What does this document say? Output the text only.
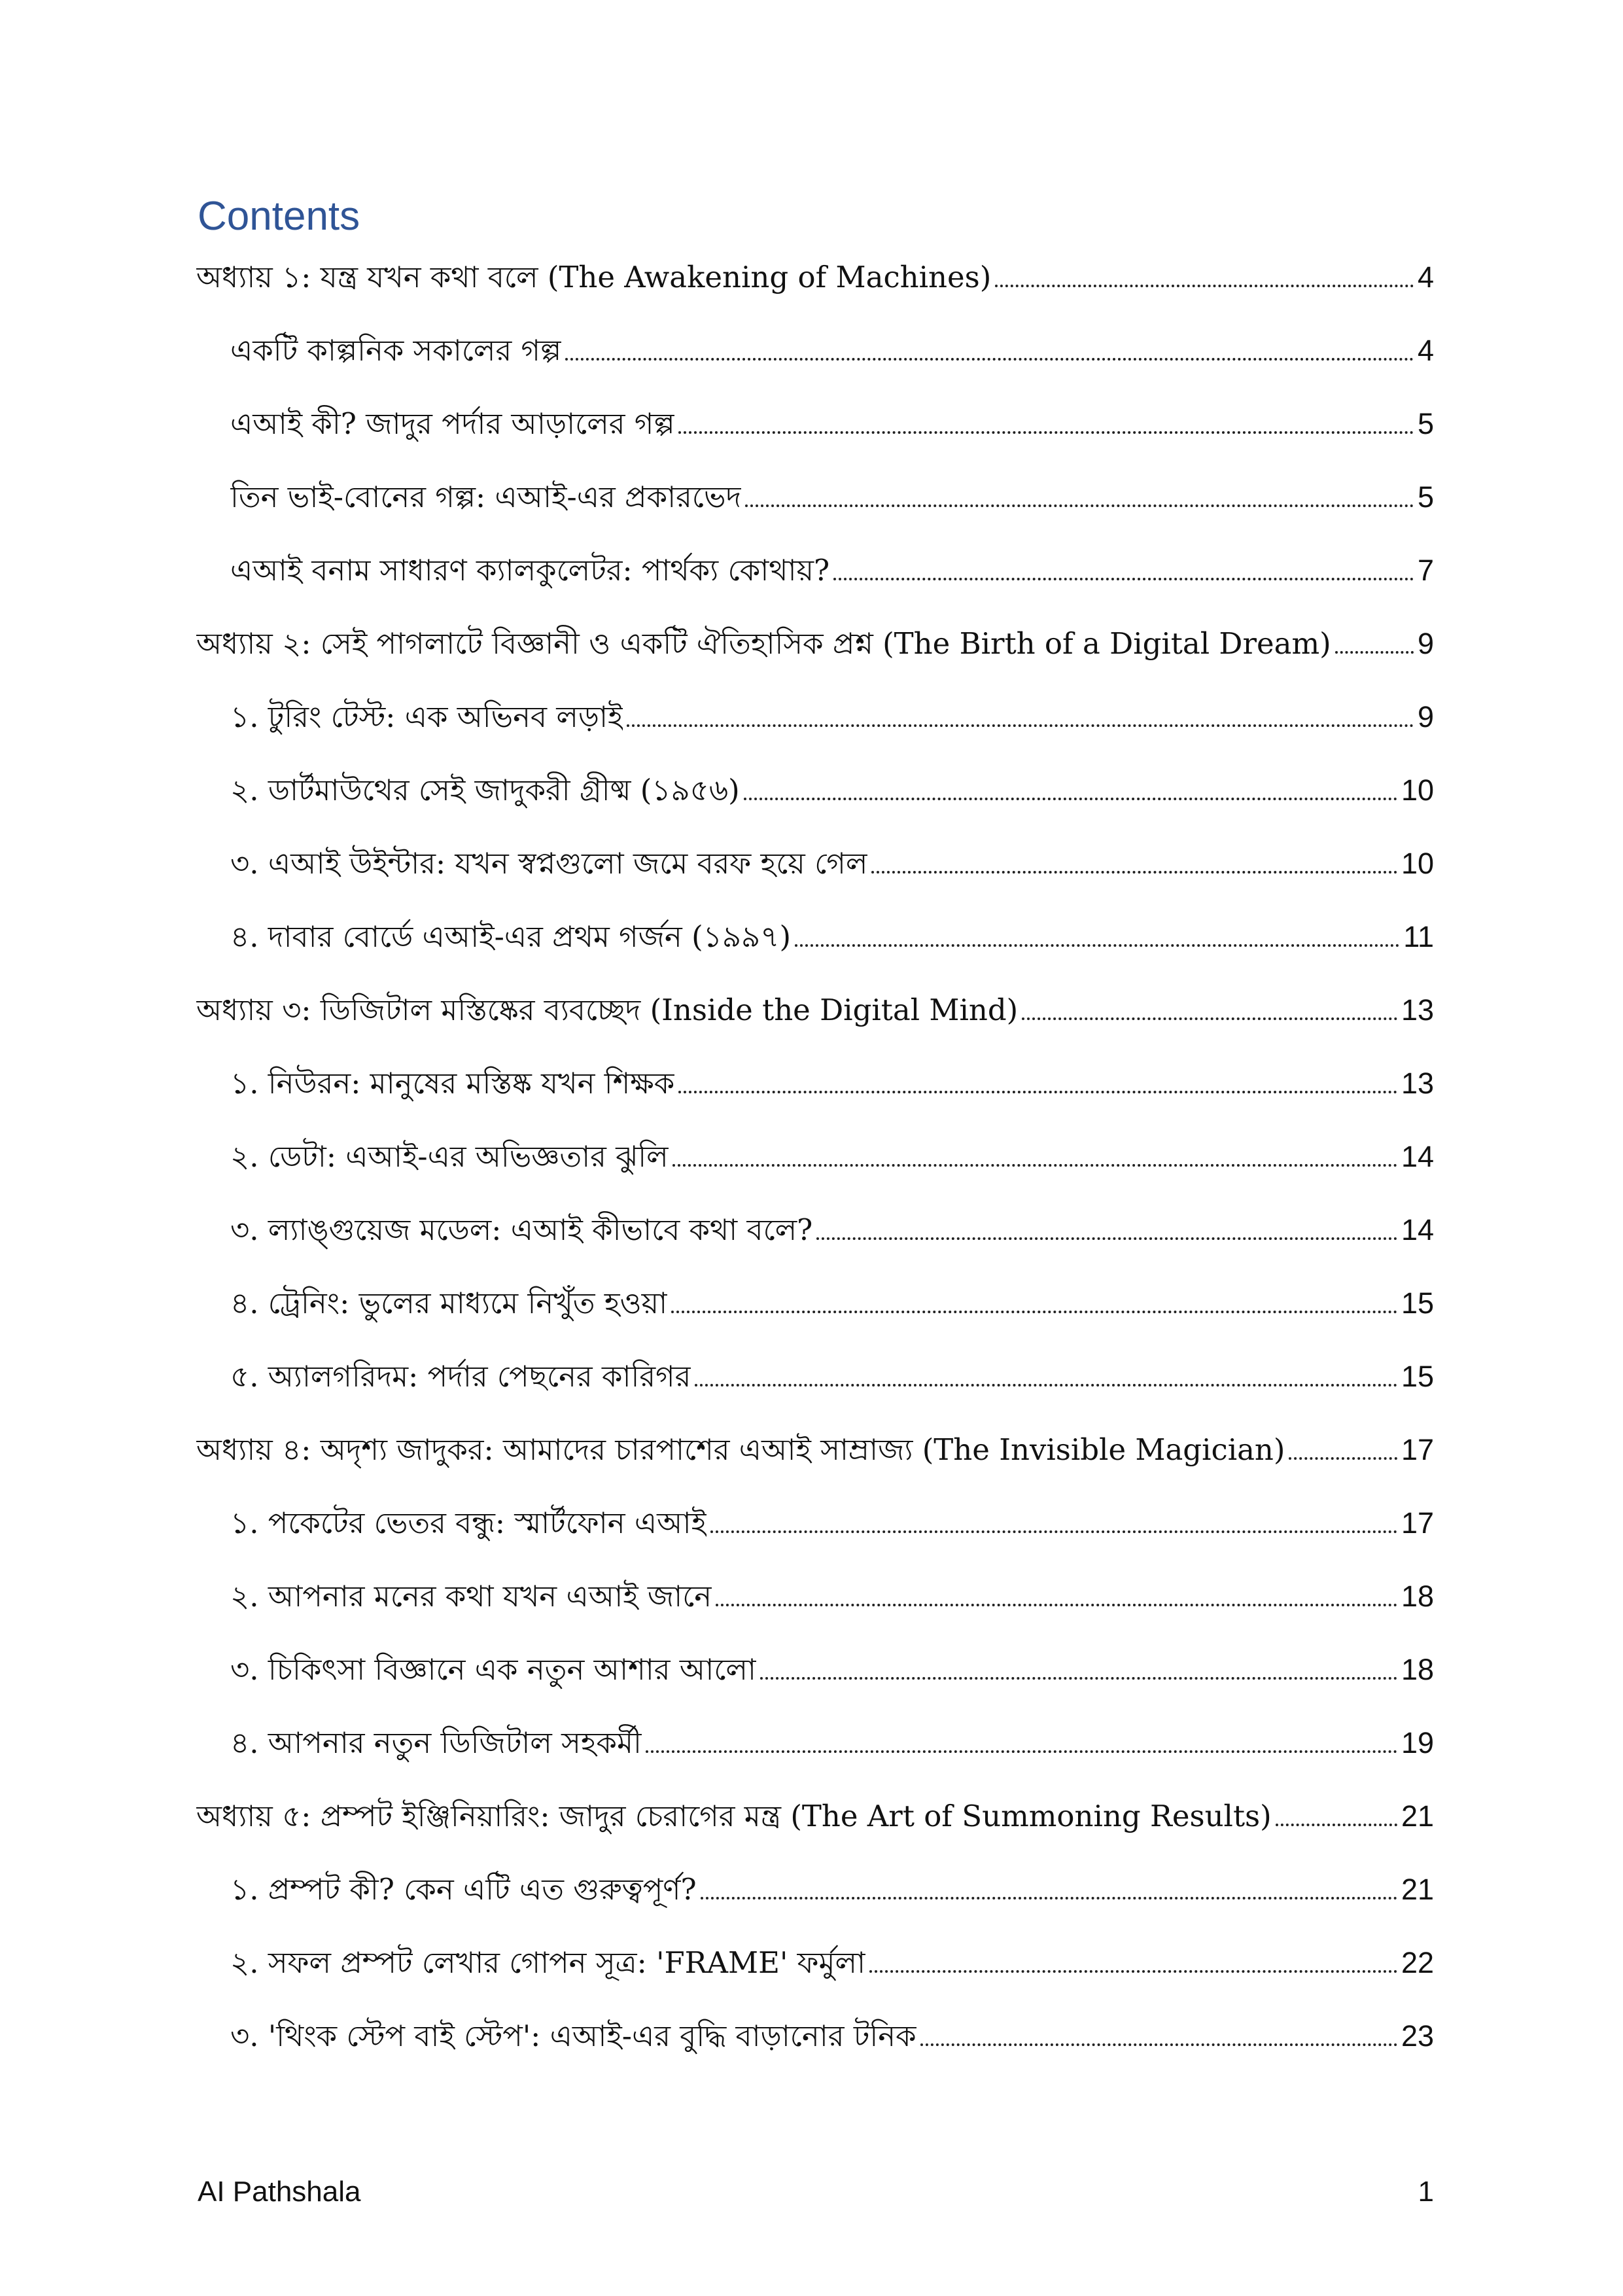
Contents
অধ্যায় ১: যন্ত্র যখন কথা বলে (The Awakening of Machines)	4
একটি কাল্পনিক সকালের গল্প	4
এআই কী? জাদুর পর্দার আড়ালের গল্প	5
তিন ভাই-বোনের গল্প: এআই-এর প্রকারভেদ	5
এআই বনাম সাধারণ ক্যালকুলেটর: পার্থক্য কোথায়?	7
অধ্যায় ২: সেই পাগলাটে বিজ্ঞানী ও একটি ঐতিহাসিক প্রশ্ন (The Birth of a Digital Dream)	9
১. টুরিং টেস্ট: এক অভিনব লড়াই	9
২. ডার্টমাউথের সেই জাদুকরী গ্রীষ্ম (১৯৫৬)	10
৩. এআই উইন্টার: যখন স্বপ্নগুলো জমে বরফ হয়ে গেল	10
৪. দাবার বোর্ডে এআই-এর প্রথম গর্জন (১৯৯৭)	11
অধ্যায় ৩: ডিজিটাল মস্তিষ্কের ব্যবচ্ছেদ (Inside the Digital Mind)	13
১. নিউরন: মানুষের মস্তিষ্ক যখন শিক্ষক	13
২. ডেটা: এআই-এর অভিজ্ঞতার ঝুলি	14
৩. ল্যাঙ্গুয়েজ মডেল: এআই কীভাবে কথা বলে?	14
৪. ট্রেনিং: ভুলের মাধ্যমে নিখুঁত হওয়া	15
৫. অ্যালগরিদম: পর্দার পেছনের কারিগর	15
অধ্যায় ৪: অদৃশ্য জাদুকর: আমাদের চারপাশের এআই সাম্রাজ্য (The Invisible Magician)	17
১. পকেটের ভেতর বন্ধু: স্মার্টফোন এআই	17
২. আপনার মনের কথা যখন এআই জানে	18
৩. চিকিৎসা বিজ্ঞানে এক নতুন আশার আলো	18
৪. আপনার নতুন ডিজিটাল সহকর্মী	19
অধ্যায় ৫: প্রম্পট ইঞ্জিনিয়ারিং: জাদুর চেরাগের মন্ত্র (The Art of Summoning Results)	21
১. প্রম্পট কী? কেন এটি এত গুরুত্বপূর্ণ?	21
২. সফল প্রম্পট লেখার গোপন সূত্র: 'FRAME' ফর্মুলা	22
৩. 'থিংক স্টেপ বাই স্টেপ': এআই-এর বুদ্ধি বাড়ানোর টনিক	23
AI Pathshala	1
